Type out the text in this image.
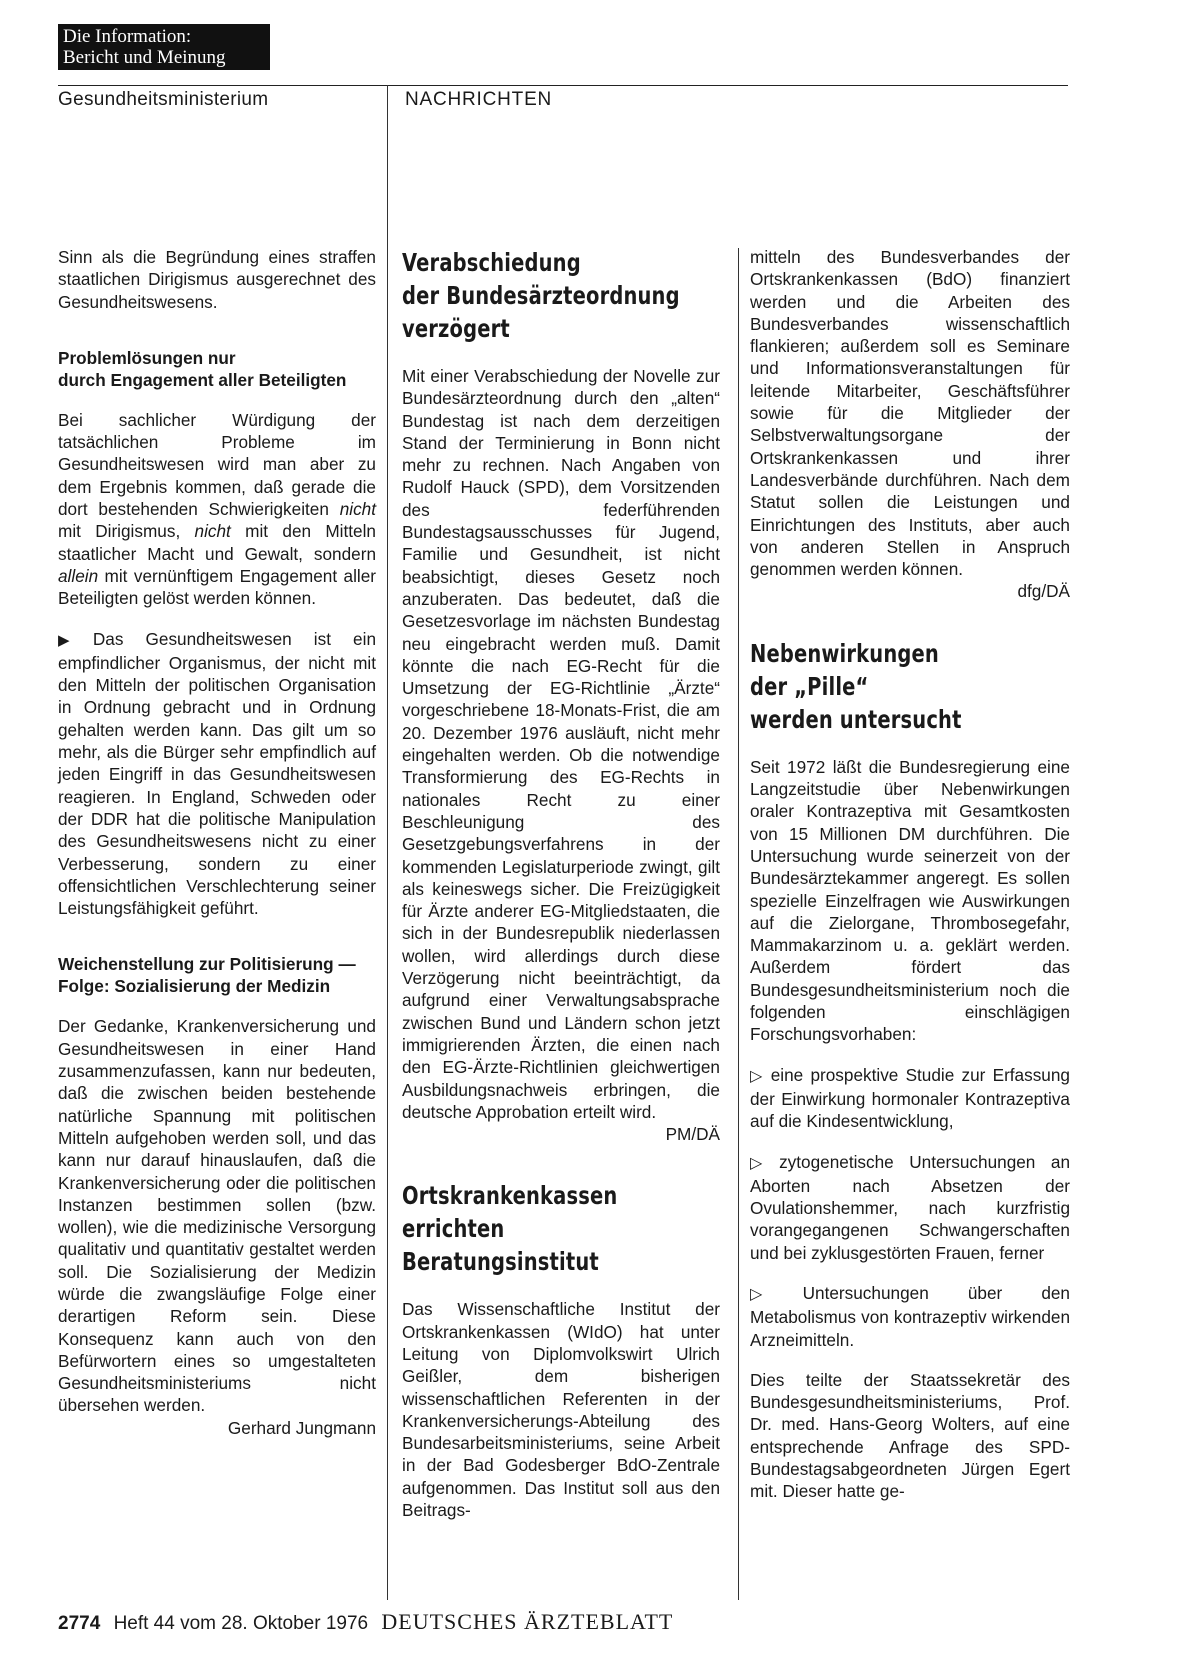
Die Information:
Bericht und Meinung
Gesundheitsministerium	NACHRICHTEN

Sinn als die Begründung eines straffen staatlichen Dirigismus ausgerechnet des Gesundheitswesens.

Problemlösungen nur
durch Engagement aller Beteiligten

Bei sachlicher Würdigung der tatsächlichen Probleme im Gesundheitswesen wird man aber zu dem Ergebnis kommen, daß gerade die dort bestehenden Schwierigkeiten nicht mit Dirigismus, nicht mit den Mitteln staatlicher Macht und Gewalt, sondern allein mit vernünftigem Engagement aller Beteiligten gelöst werden können.

▶ Das Gesundheitswesen ist ein empfindlicher Organismus, der nicht mit den Mitteln der politischen Organisation in Ordnung gebracht und in Ordnung gehalten werden kann. Das gilt um so mehr, als die Bürger sehr empfindlich auf jeden Eingriff in das Gesundheitswesen reagieren. In England, Schweden oder der DDR hat die politische Manipulation des Gesundheitswesens nicht zu einer Verbesserung, sondern zu einer offensichtlichen Verschlechterung seiner Leistungsfähigkeit geführt.

Weichenstellung zur Politisierung —
Folge: Sozialisierung der Medizin

Der Gedanke, Krankenversicherung und Gesundheitswesen in einer Hand zusammenzufassen, kann nur bedeuten, daß die zwischen beiden bestehende natürliche Spannung mit politischen Mitteln aufgehoben werden soll, und das kann nur darauf hinauslaufen, daß die Krankenversicherung oder die politischen Instanzen bestimmen sollen (bzw. wollen), wie die medizinische Versorgung qualitativ und quantitativ gestaltet werden soll. Die Sozialisierung der Medizin würde die zwangsläufige Folge einer derartigen Reform sein. Diese Konsequenz kann auch von den Befürwortern eines so umgestalteten Gesundheitsministeriums nicht übersehen werden.

Gerhard Jungmann
Verabschiedung
der Bundesärzteordnung
verzögert

Mit einer Verabschiedung der Novelle zur Bundesärzteordnung durch den „alten“ Bundestag ist nach dem derzeitigen Stand der Terminierung in Bonn nicht mehr zu rechnen. Nach Angaben von Rudolf Hauck (SPD), dem Vorsitzenden des federführenden Bundestagsausschusses für Jugend, Familie und Gesundheit, ist nicht beabsichtigt, dieses Gesetz noch anzuberaten. Das bedeutet, daß die Gesetzesvorlage im nächsten Bundestag neu eingebracht werden muß. Damit könnte die nach EG-Recht für die Umsetzung der EG-Richtlinie „Ärzte“ vorgeschriebene 18-Monats-Frist, die am 20. Dezember 1976 ausläuft, nicht mehr eingehalten werden. Ob die notwendige Transformierung des EG-Rechts in nationales Recht zu einer Beschleunigung des Gesetzgebungsverfahrens in der kommenden Legislaturperiode zwingt, gilt als keineswegs sicher. Die Freizügigkeit für Ärzte anderer EG-Mitgliedstaaten, die sich in der Bundesrepublik niederlassen wollen, wird allerdings durch diese Verzögerung nicht beeinträchtigt, da aufgrund einer Verwaltungsabsprache zwischen Bund und Ländern schon jetzt immigrierenden Ärzten, die einen nach den EG-Ärzte-Richtlinien gleichwertigen Ausbildungsnachweis erbringen, die deutsche Approbation erteilt wird.

PM/DÄ
Ortskrankenkassen
errichten
Beratungsinstitut

Das Wissenschaftliche Institut der Ortskrankenkassen (WIdO) hat unter Leitung von Diplomvolkswirt Ulrich Geißler, dem bisherigen wissenschaftlichen Referenten in der Krankenversicherungs-Abteilung des Bundesarbeitsministeriums, seine Arbeit in der Bad Godesberger BdO-Zentrale aufgenommen. Das Institut soll aus den Beitrags-

mitteln des Bundesverbandes der Ortskrankenkassen (BdO) finanziert werden und die Arbeiten des Bundesverbandes wissenschaftlich flankieren; außerdem soll es Seminare und Informationsveranstaltungen für leitende Mitarbeiter, Geschäftsführer sowie für die Mitglieder der Selbstverwaltungsorgane der Ortskrankenkassen und ihrer Landesverbände durchführen. Nach dem Statut sollen die Leistungen und Einrichtungen des Instituts, aber auch von anderen Stellen in Anspruch genommen werden können.

dfg/DÄ
Nebenwirkungen
der „Pille“
werden untersucht

Seit 1972 läßt die Bundesregierung eine Langzeitstudie über Nebenwirkungen oraler Kontrazeptiva mit Gesamtkosten von 15 Millionen DM durchführen. Die Untersuchung wurde seinerzeit von der Bundesärztekammer angeregt. Es sollen spezielle Einzelfragen wie Auswirkungen auf die Zielorgane, Thrombosegefahr, Mammakarzinom u. a. geklärt werden. Außerdem fördert das Bundesgesundheitsministerium noch die folgenden einschlägigen Forschungsvorhaben:

▷ eine prospektive Studie zur Erfassung der Einwirkung hormonaler Kontrazeptiva auf die Kindesentwicklung,

▷ zytogenetische Untersuchungen an Aborten nach Absetzen der Ovulationshemmer, nach kurzfristig vorangegangenen Schwangerschaften und bei zyklusgestörten Frauen, ferner

▷ Untersuchungen über den Metabolismus von kontrazeptiv wirkenden Arzneimitteln.

Dies teilte der Staatssekretär des Bundesgesundheitsministeriums, Prof. Dr. med. Hans-Georg Wolters, auf eine entsprechende Anfrage des SPD-Bundestagsabgeordneten Jürgen Egert mit. Dieser hatte ge-

2774 Heft 44 vom 28. Oktober 1976 DEUTSCHES ÄRZTEBLATT
